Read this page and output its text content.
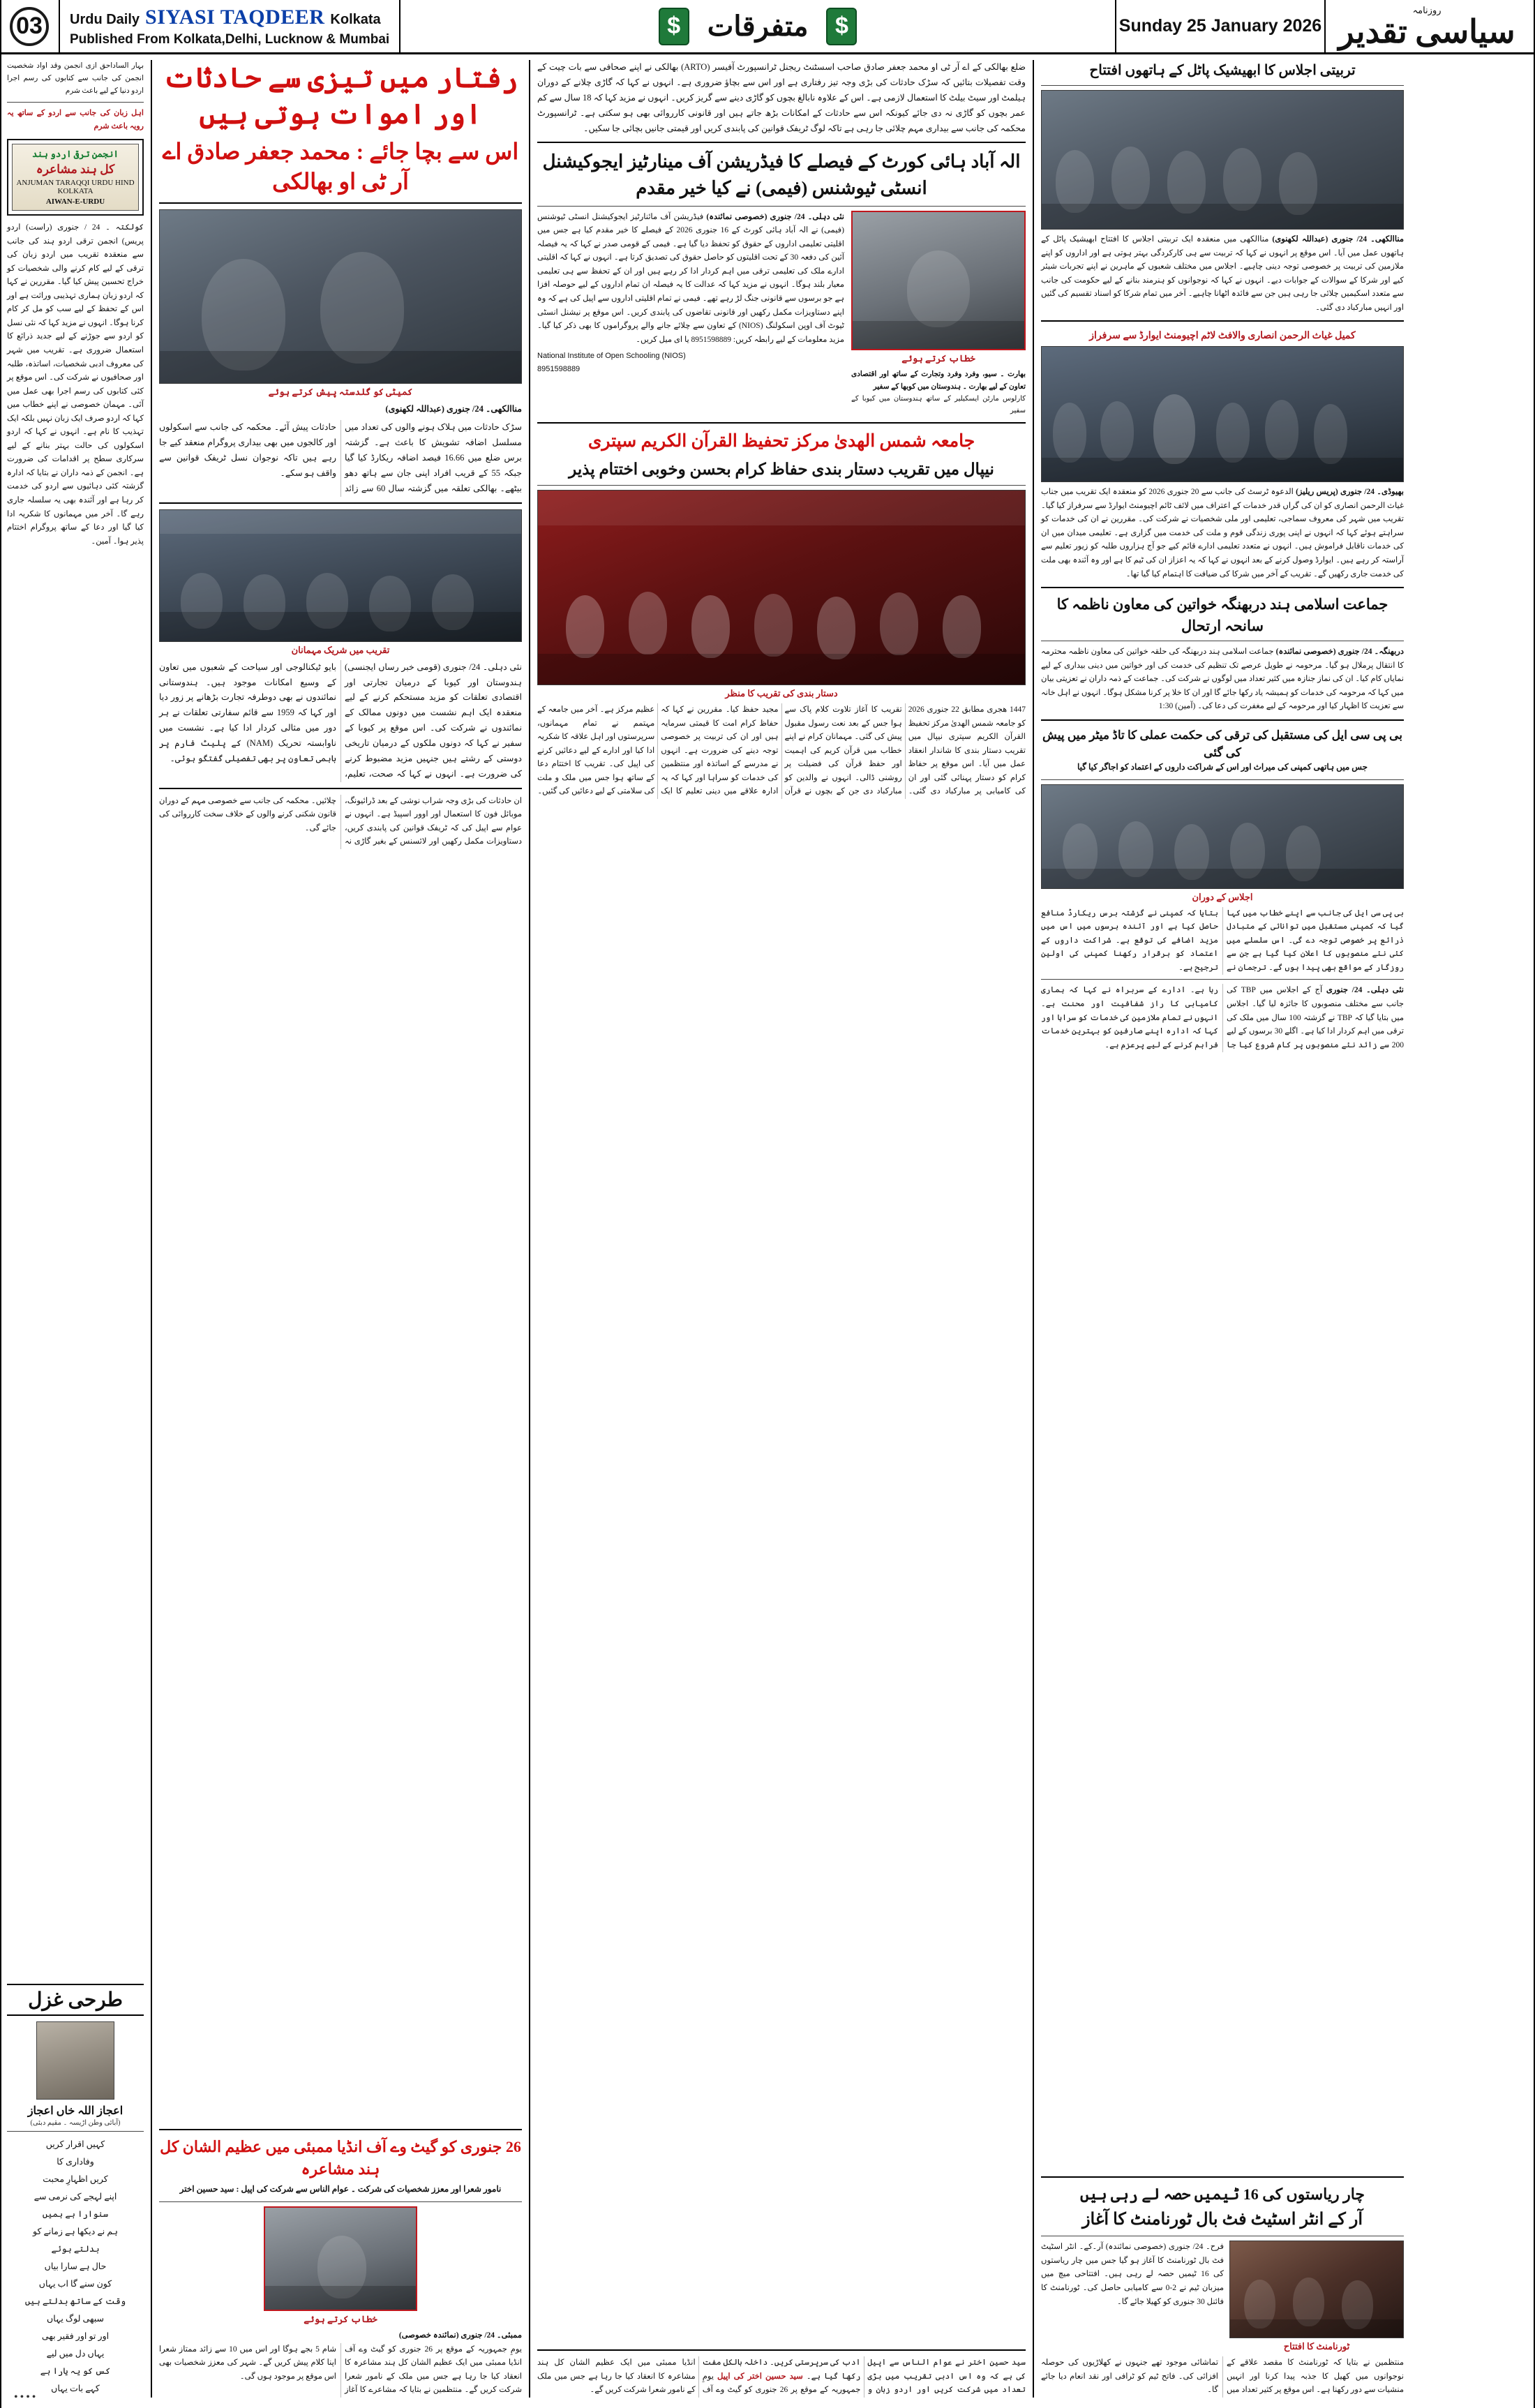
03	Urdu Daily SIYASI TAQDEER Kolkata
Published From Kolkata,Delhi, Lucknow & Mumbai	$ متفرقات	$	Sunday 25 January 2026
روزنامہ
سیاسی تقدیر
بہار الساداحق ازی انجمن وقد اواد شخصیت انجمن کی جانب سے کتابوں کی رسم اجرا اردو دنیا کے لیے باعث شرم
اہل زبان کی جانب سے اردو کے ساتھ یہ رویہ باعث شرم
انجمن ترقی اردو ہند
کل ہند مشاعرہ
ANJUMAN TARAQQI URDU HIND KOLKATA
AIWAN-E-URDU
کولکتہ ۔ 24 / جنوری (راست) اردو پریس) انجمن ترقی اردو ہند کی جانب سے منعقدہ تقریب میں اردو زبان کی ترقی کے لیے کام کرنے والی شخصیات کو خراج تحسین پیش کیا گیا۔ مقررین نے کہا کہ اردو زبان ہماری تہذیبی وراثت ہے اور اس کے تحفظ کے لیے سب کو مل کر کام کرنا ہوگا۔ انہوں نے مزید کہا کہ نئی نسل کو اردو سے جوڑنے کے لیے جدید ذرائع کا استعمال ضروری ہے۔ تقریب میں شہر کی معروف ادبی شخصیات، اساتذہ، طلبہ اور صحافیوں نے شرکت کی۔ اس موقع پر کئی کتابوں کی رسم اجرا بھی عمل میں آئی۔ مہمان خصوصی نے اپنے خطاب میں کہا کہ اردو صرف ایک زبان نہیں بلکہ ایک تہذیب کا نام ہے۔ انہوں نے کہا کہ اردو اسکولوں کی حالت بہتر بنانے کے لیے سرکاری سطح پر اقدامات کی ضرورت ہے۔ انجمن کے ذمہ داران نے بتایا کہ ادارہ گزشتہ کئی دہائیوں سے اردو کی خدمت کر رہا ہے اور آئندہ بھی یہ سلسلہ جاری رہے گا۔ آخر میں مہمانوں کا شکریہ ادا کیا گیا اور دعا کے ساتھ پروگرام اختتام پذیر ہوا۔ آمین۔
طرحی غزل
اعجاز اللہ خاں اعجاز
(آبائی وطن اڑیسہ ۔ مقیم دبئی)
کہیں اقرار کریں
وفاداری کا
کریں اظہارِ محبت
اپنے لہجے کی نرمی سے
سنوارا ہے ہمیں
ہم نے دیکھا ہے زمانے کو
بدلتے ہوئے
حال ہے سارا بیاں
کون سنے گا اب یہاں
وقت کے ساتھ بدلتے ہیں
سبھی لوگ یہاں
اور تو اور فقیر بھی
یہاں دل میں لیے
کس کو یہ یارا ہے
کہے بات یہاں
رفتار میں تیزی سے حادثات اور اموات ہوتی ہیں
اس سے بچا جائے : محمد جعفر صادق اے آر ٹی او بھالکی
کمیٹی کو گلدستہ پیش کرتے ہوئے
مناالکھی۔ 24/ جنوری (عبداللہ لکھنوی)
سڑک حادثات میں ہلاک ہونے والوں کی تعداد میں مسلسل اضافہ تشویش کا باعث ہے۔ گزشتہ برس ضلع میں 16.66 فیصد اضافہ ریکارڈ کیا گیا جبکہ 55 کے قریب افراد اپنی جان سے ہاتھ دھو بیٹھے۔ بھالکی تعلقہ میں گزشتہ سال 60 سے زائد حادثات پیش آئے۔ محکمہ کی جانب سے اسکولوں اور کالجوں میں بھی بیداری پروگرام منعقد کیے جا رہے ہیں تاکہ نوجوان نسل ٹریفک قوانین سے واقف ہو سکے۔
تقریب میں شریک مہمانان
نئی دہلی۔ 24/ جنوری (قومی خبر رساں ایجنسی) ہندوستان اور کیوبا کے درمیان تجارتی اور اقتصادی تعلقات کو مزید مستحکم کرنے کے لیے منعقدہ ایک اہم نشست میں دونوں ممالک کے نمائندوں نے شرکت کی۔ اس موقع پر کیوبا کے سفیر نے کہا کہ دونوں ملکوں کے درمیان تاریخی دوستی کے رشتے ہیں جنہیں مزید مضبوط کرنے کی ضرورت ہے۔ انہوں نے کہا کہ صحت، تعلیم، بایو ٹیکنالوجی اور سیاحت کے شعبوں میں تعاون کے وسیع امکانات موجود ہیں۔ ہندوستانی نمائندوں نے بھی دوطرفہ تجارت بڑھانے پر زور دیا اور کہا کہ 1959 سے قائم سفارتی تعلقات نے ہر دور میں مثالی کردار ادا کیا ہے۔ نشست میں ناوابستہ تحریک (NAM) کے پلیٹ فارم پر باہمی تعاون پر بھی تفصیلی گفتگو ہوئی۔
ان حادثات کی بڑی وجہ شراب نوشی کے بعد ڈرائیونگ، موبائل فون کا استعمال اور اوور اسپیڈ ہے۔ انہوں نے عوام سے اپیل کی کہ ٹریفک قوانین کی پابندی کریں، دستاویزات مکمل رکھیں اور لائسنس کے بغیر گاڑی نہ چلائیں۔ محکمہ کی جانب سے خصوصی مہم کے دوران قانون شکنی کرنے والوں کے خلاف سخت کارروائی کی جائے گی۔
26 جنوری کو گیٹ وے آف انڈیا ممبئی میں عظیم الشان کل ہند مشاعرہ
نامور شعرا اور معزز شخصیات کی شرکت ۔ عوام الناس سے شرکت کی اپیل : سید حسین اختر
خطاب کرتے ہوئے
ممبئی۔ 24/ جنوری (نمائندہ خصوصی)
یومِ جمہوریہ کے موقع پر 26 جنوری کو گیٹ وے آف انڈیا ممبئی میں ایک عظیم الشان کل ہند مشاعرہ کا انعقاد کیا جا رہا ہے جس میں ملک کے نامور شعرا شرکت کریں گے۔ منتظمین نے بتایا کہ مشاعرے کا آغاز شام 5 بجے ہوگا اور اس میں 10 سے زائد ممتاز شعرا اپنا کلام پیش کریں گے۔ شہر کی معزز شخصیات بھی اس موقع پر موجود ہوں گی۔
ضلع بھالکی کے اے آر ٹی او محمد جعفر صادق صاحب اسسٹنٹ ریجنل ٹرانسپورٹ آفیسر (ARTO) بھالکی نے اپنے صحافی سے بات چیت کے وقت تفصیلات بتائیں کہ سڑک حادثات کی بڑی وجہ تیز رفتاری ہے اور اس سے بچاؤ ضروری ہے۔ انہوں نے کہا کہ گاڑی چلانے کے دوران ہیلمٹ اور سیٹ بیلٹ کا استعمال لازمی ہے۔ اس کے علاوہ نابالغ بچوں کو گاڑی دینے سے گریز کریں۔ انہوں نے مزید کہا کہ 18 سال سے کم عمر بچوں کو گاڑی نہ دی جائے کیونکہ اس سے حادثات کے امکانات بڑھ جاتے ہیں اور قانونی کارروائی بھی ہو سکتی ہے۔ ٹرانسپورٹ محکمہ کی جانب سے بیداری مہم چلائی جا رہی ہے تاکہ لوگ ٹریفک قوانین کی پابندی کریں اور قیمتی جانیں بچائی جا سکیں۔
الہ آباد ہائی کورٹ کے فیصلے کا فیڈریشن آف مینارٹیز ایجوکیشنل انسٹی ٹیوشنس (فیمی) نے کیا خیر مقدم
نئی دہلی۔ 24/ جنوری (خصوصی نمائندہ) فیڈریشن آف مائنارٹیز ایجوکیشنل انسٹی ٹیوشنس (فیمی) نے الہ آباد ہائی کورٹ کے 16 جنوری 2026 کے فیصلے کا خیر مقدم کیا ہے جس میں اقلیتی تعلیمی اداروں کے حقوق کو تحفظ دیا گیا ہے۔ فیمی کے قومی صدر نے کہا کہ یہ فیصلہ آئین کی دفعہ 30 کے تحت اقلیتوں کو حاصل حقوق کی تصدیق کرتا ہے۔ انہوں نے کہا کہ اقلیتی ادارے ملک کی تعلیمی ترقی میں اہم کردار ادا کر رہے ہیں اور ان کے تحفظ سے ہی تعلیمی معیار بلند ہوگا۔ انہوں نے مزید کہا کہ عدالت کا یہ فیصلہ ان تمام اداروں کے لیے حوصلہ افزا ہے جو برسوں سے قانونی جنگ لڑ رہے تھے۔ فیمی نے تمام اقلیتی اداروں سے اپیل کی ہے کہ وہ اپنے دستاویزات مکمل رکھیں اور قانونی تقاضوں کی پابندی کریں۔ اس موقع پر نیشنل انسٹی ٹیوٹ آف اوپن اسکولنگ (NIOS) کے تعاون سے چلائے جانے والے پروگراموں کا بھی ذکر کیا گیا۔ مزید معلومات کے لیے رابطہ کریں: 8951598889 یا ای میل کریں۔
National Institute of Open Schooling (NIOS)
8951598889
خطاب کرتے ہوئے
بھارت ۔ سیو، وفرد وفرد وتجارت کے ساتھ اور اقتصادی تعاون کے لیے بھارت ۔ ہندوستان میں کوبھا کے سفیر
کارلوس مارٹن ایسکیلیر کے ساتھ ہندوستان میں کیوبا کے سفیر
جامعہ شمس الھدیٰ مرکز تحفیظ القرآن الکریم سپتری
نیپال میں تقریب دستار بندی حفاظ کرام بحسن وخوبی اختتام پذیر
دستار بندی کی تقریب کا منظر
1447 ھجری مطابق 22 جنوری 2026 کو جامعہ شمس الھدیٰ مرکز تحفیظ القرآن الکریم سپتری نیپال میں تقریب دستار بندی کا شاندار انعقاد عمل میں آیا۔ اس موقع پر حفاظ کرام کو دستار پہنائی گئی اور ان کی کامیابی پر مبارکباد دی گئی۔ تقریب کا آغاز تلاوت کلام پاک سے ہوا جس کے بعد نعت رسول مقبول پیش کی گئی۔ مہمانان کرام نے اپنے خطاب میں قرآن کریم کی اہمیت اور حفظ قرآن کی فضیلت پر روشنی ڈالی۔ انہوں نے والدین کو مبارکباد دی جن کے بچوں نے قرآن مجید حفظ کیا۔ مقررین نے کہا کہ حفاظ کرام امت کا قیمتی سرمایہ ہیں اور ان کی تربیت پر خصوصی توجہ دینے کی ضرورت ہے۔ انہوں نے مدرسے کے اساتذہ اور منتظمین کی خدمات کو سراہا اور کہا کہ یہ ادارہ علاقے میں دینی تعلیم کا ایک عظیم مرکز ہے۔ آخر میں جامعہ کے مہتمم نے تمام مہمانوں، سرپرستوں اور اہل علاقہ کا شکریہ ادا کیا اور ادارے کے لیے دعائیں کرنے کی اپیل کی۔ تقریب کا اختتام دعا کے ساتھ ہوا جس میں ملک و ملت کی سلامتی کے لیے دعائیں کی گئیں۔
سید حسین اختر نے عوام الناس سے اپیل کی ہے کہ وہ اس ادبی تقریب میں بڑی تعداد میں شرکت کریں اور اردو زبان و ادب کی سرپرستی کریں۔ داخلہ بالکل مفت رکھا گیا ہے۔ سید حسین اختر کی اپیل یومِ جمہوریہ کے موقع پر 26 جنوری کو گیٹ وے آف انڈیا ممبئی میں ایک عظیم الشان کل ہند مشاعرہ کا انعقاد کیا جا رہا ہے جس میں ملک کے نامور شعرا شرکت کریں گے۔
تربیتی اجلاس کا ابھیشیک پاٹل کے ہاتھوں افتتاح
مناالکھی۔ 24/ جنوری (عبداللہ لکھنوی) مناالکھی میں منعقدہ ایک تربیتی اجلاس کا افتتاح ابھیشیک پاٹل کے ہاتھوں عمل میں آیا۔ اس موقع پر انہوں نے کہا کہ تربیت سے ہی کارکردگی بہتر ہوتی ہے اور اداروں کو اپنے ملازمین کی تربیت پر خصوصی توجہ دینی چاہیے۔ اجلاس میں مختلف شعبوں کے ماہرین نے اپنے تجربات شیئر کیے اور شرکا کے سوالات کے جوابات دیے۔ انہوں نے کہا کہ نوجوانوں کو ہنرمند بنانے کے لیے حکومت کی جانب سے متعدد اسکیمیں چلائی جا رہی ہیں جن سے فائدہ اٹھانا چاہیے۔ آخر میں تمام شرکا کو اسناد تقسیم کی گئیں اور انہیں مبارکباد دی گئی۔
کمیل غیاث الرحمن انصاری والافٹ لاٹم اچیومنٹ ایوارڈ سے سرفراز
بھیوڈی۔ 24/ جنوری (پریس ریلیز) الدعوہ ٹرسٹ کی جانب سے 20 جنوری 2026 کو منعقدہ ایک تقریب میں جناب غیاث الرحمن انصاری کو ان کی گراں قدر خدمات کے اعتراف میں لائف ٹائم اچیومنٹ ایوارڈ سے سرفراز کیا گیا۔ تقریب میں شہر کی معروف سماجی، تعلیمی اور ملی شخصیات نے شرکت کی۔ مقررین نے ان کی خدمات کو سراہتے ہوئے کہا کہ انہوں نے اپنی پوری زندگی قوم و ملت کی خدمت میں گزاری ہے۔ تعلیمی میدان میں ان کی خدمات ناقابل فراموش ہیں۔ انہوں نے متعدد تعلیمی ادارے قائم کیے جو آج ہزاروں طلبہ کو زیور تعلیم سے آراستہ کر رہے ہیں۔ ایوارڈ وصول کرنے کے بعد انہوں نے کہا کہ یہ اعزاز ان کی ٹیم کا ہے اور وہ آئندہ بھی ملت کی خدمت جاری رکھیں گے۔ تقریب کے آخر میں شرکا کی ضیافت کا اہتمام کیا گیا تھا۔
جماعت اسلامی ہند دربھنگہ خواتین کی معاون ناظمہ کا سانحہ ارتحال
دربھنگہ۔ 24/ جنوری (خصوصی نمائندہ) جماعت اسلامی ہند دربھنگہ کی حلقہ خواتین کی معاون ناظمہ محترمہ کا انتقال پرملال ہو گیا۔ مرحومہ نے طویل عرصے تک تنظیم کی خدمت کی اور خواتین میں دینی بیداری کے لیے نمایاں کام کیا۔ ان کی نماز جنازہ میں کثیر تعداد میں لوگوں نے شرکت کی۔ جماعت کے ذمہ داران نے تعزیتی بیان میں کہا کہ مرحومہ کی خدمات کو ہمیشہ یاد رکھا جائے گا اور ان کا خلا پر کرنا مشکل ہوگا۔ انہوں نے اہل خانہ سے تعزیت کا اظہار کیا اور مرحومہ کے لیے مغفرت کی دعا کی۔ (آمین) 1:30
بی پی سی ایل کی مستقبل کی ترقی کی حکمت عملی کا تاڈ میٹر میں پیش کی گئی
جس میں ہاتھی کمپنی کی میراث اور اس کے شراکت داروں کے اعتماد کو اجاگر کیا گیا
اجلاس کے دوران
بی پی سی ایل کی جانب سے اپنے خطاب میں کہا گیا کہ کمپنی مستقبل میں توانائی کے متبادل ذرائع پر خصوصی توجہ دے گی۔ اس سلسلے میں کئی نئے منصوبوں کا اعلان کیا گیا ہے جن سے روزگار کے مواقع بھی پیدا ہوں گے۔ ترجمان نے بتایا کہ کمپنی نے گزشتہ برس ریکارڈ منافع حاصل کیا ہے اور آئندہ برسوں میں اس میں مزید اضافے کی توقع ہے۔ شراکت داروں کے اعتماد کو برقرار رکھنا کمپنی کی اولین ترجیح ہے۔
نئی دہلی۔ 24/ جنوری آج کے اجلاس میں TBP کی جانب سے مختلف منصوبوں کا جائزہ لیا گیا۔ اجلاس میں بتایا گیا کہ TBP نے گزشتہ 100 سال میں ملک کی ترقی میں اہم کردار ادا کیا ہے۔ اگلے 30 برسوں کے لیے 200 سے زائد نئے منصوبوں پر کام شروع کیا جا رہا ہے۔ ادارے کے سربراہ نے کہا کہ ہماری کامیابی کا راز شفافیت اور محنت ہے۔ انہوں نے تمام ملازمین کی خدمات کو سراہا اور کہا کہ ادارہ اپنے صارفین کو بہترین خدمات فراہم کرنے کے لیے پرعزم ہے۔
چار ریاستوں کی 16 ٹیمیں حصہ لے رہی ہیں
آر کے انٹر اسٹیٹ فٹ بال ٹورنامنٹ کا آغاز
فرح۔ 24/ جنوری (خصوصی نمائندہ) آر۔کے۔ انٹر اسٹیٹ فٹ بال ٹورنامنٹ کا آغاز ہو گیا جس میں چار ریاستوں کی 16 ٹیمیں حصہ لے رہی ہیں۔ افتتاحی میچ میں میزبان ٹیم نے 2-0 سے کامیابی حاصل کی۔ ٹورنامنٹ کا فائنل 30 جنوری کو کھیلا جائے گا۔
ٹورنامنٹ کا افتتاح
منتظمین نے بتایا کہ ٹورنامنٹ کا مقصد علاقے کے نوجوانوں میں کھیل کا جذبہ پیدا کرنا اور انہیں منشیات سے دور رکھنا ہے۔ اس موقع پر کثیر تعداد میں تماشائی موجود تھے جنہوں نے کھلاڑیوں کی حوصلہ افزائی کی۔ فاتح ٹیم کو ٹرافی اور نقد انعام دیا جائے گا۔
••••
